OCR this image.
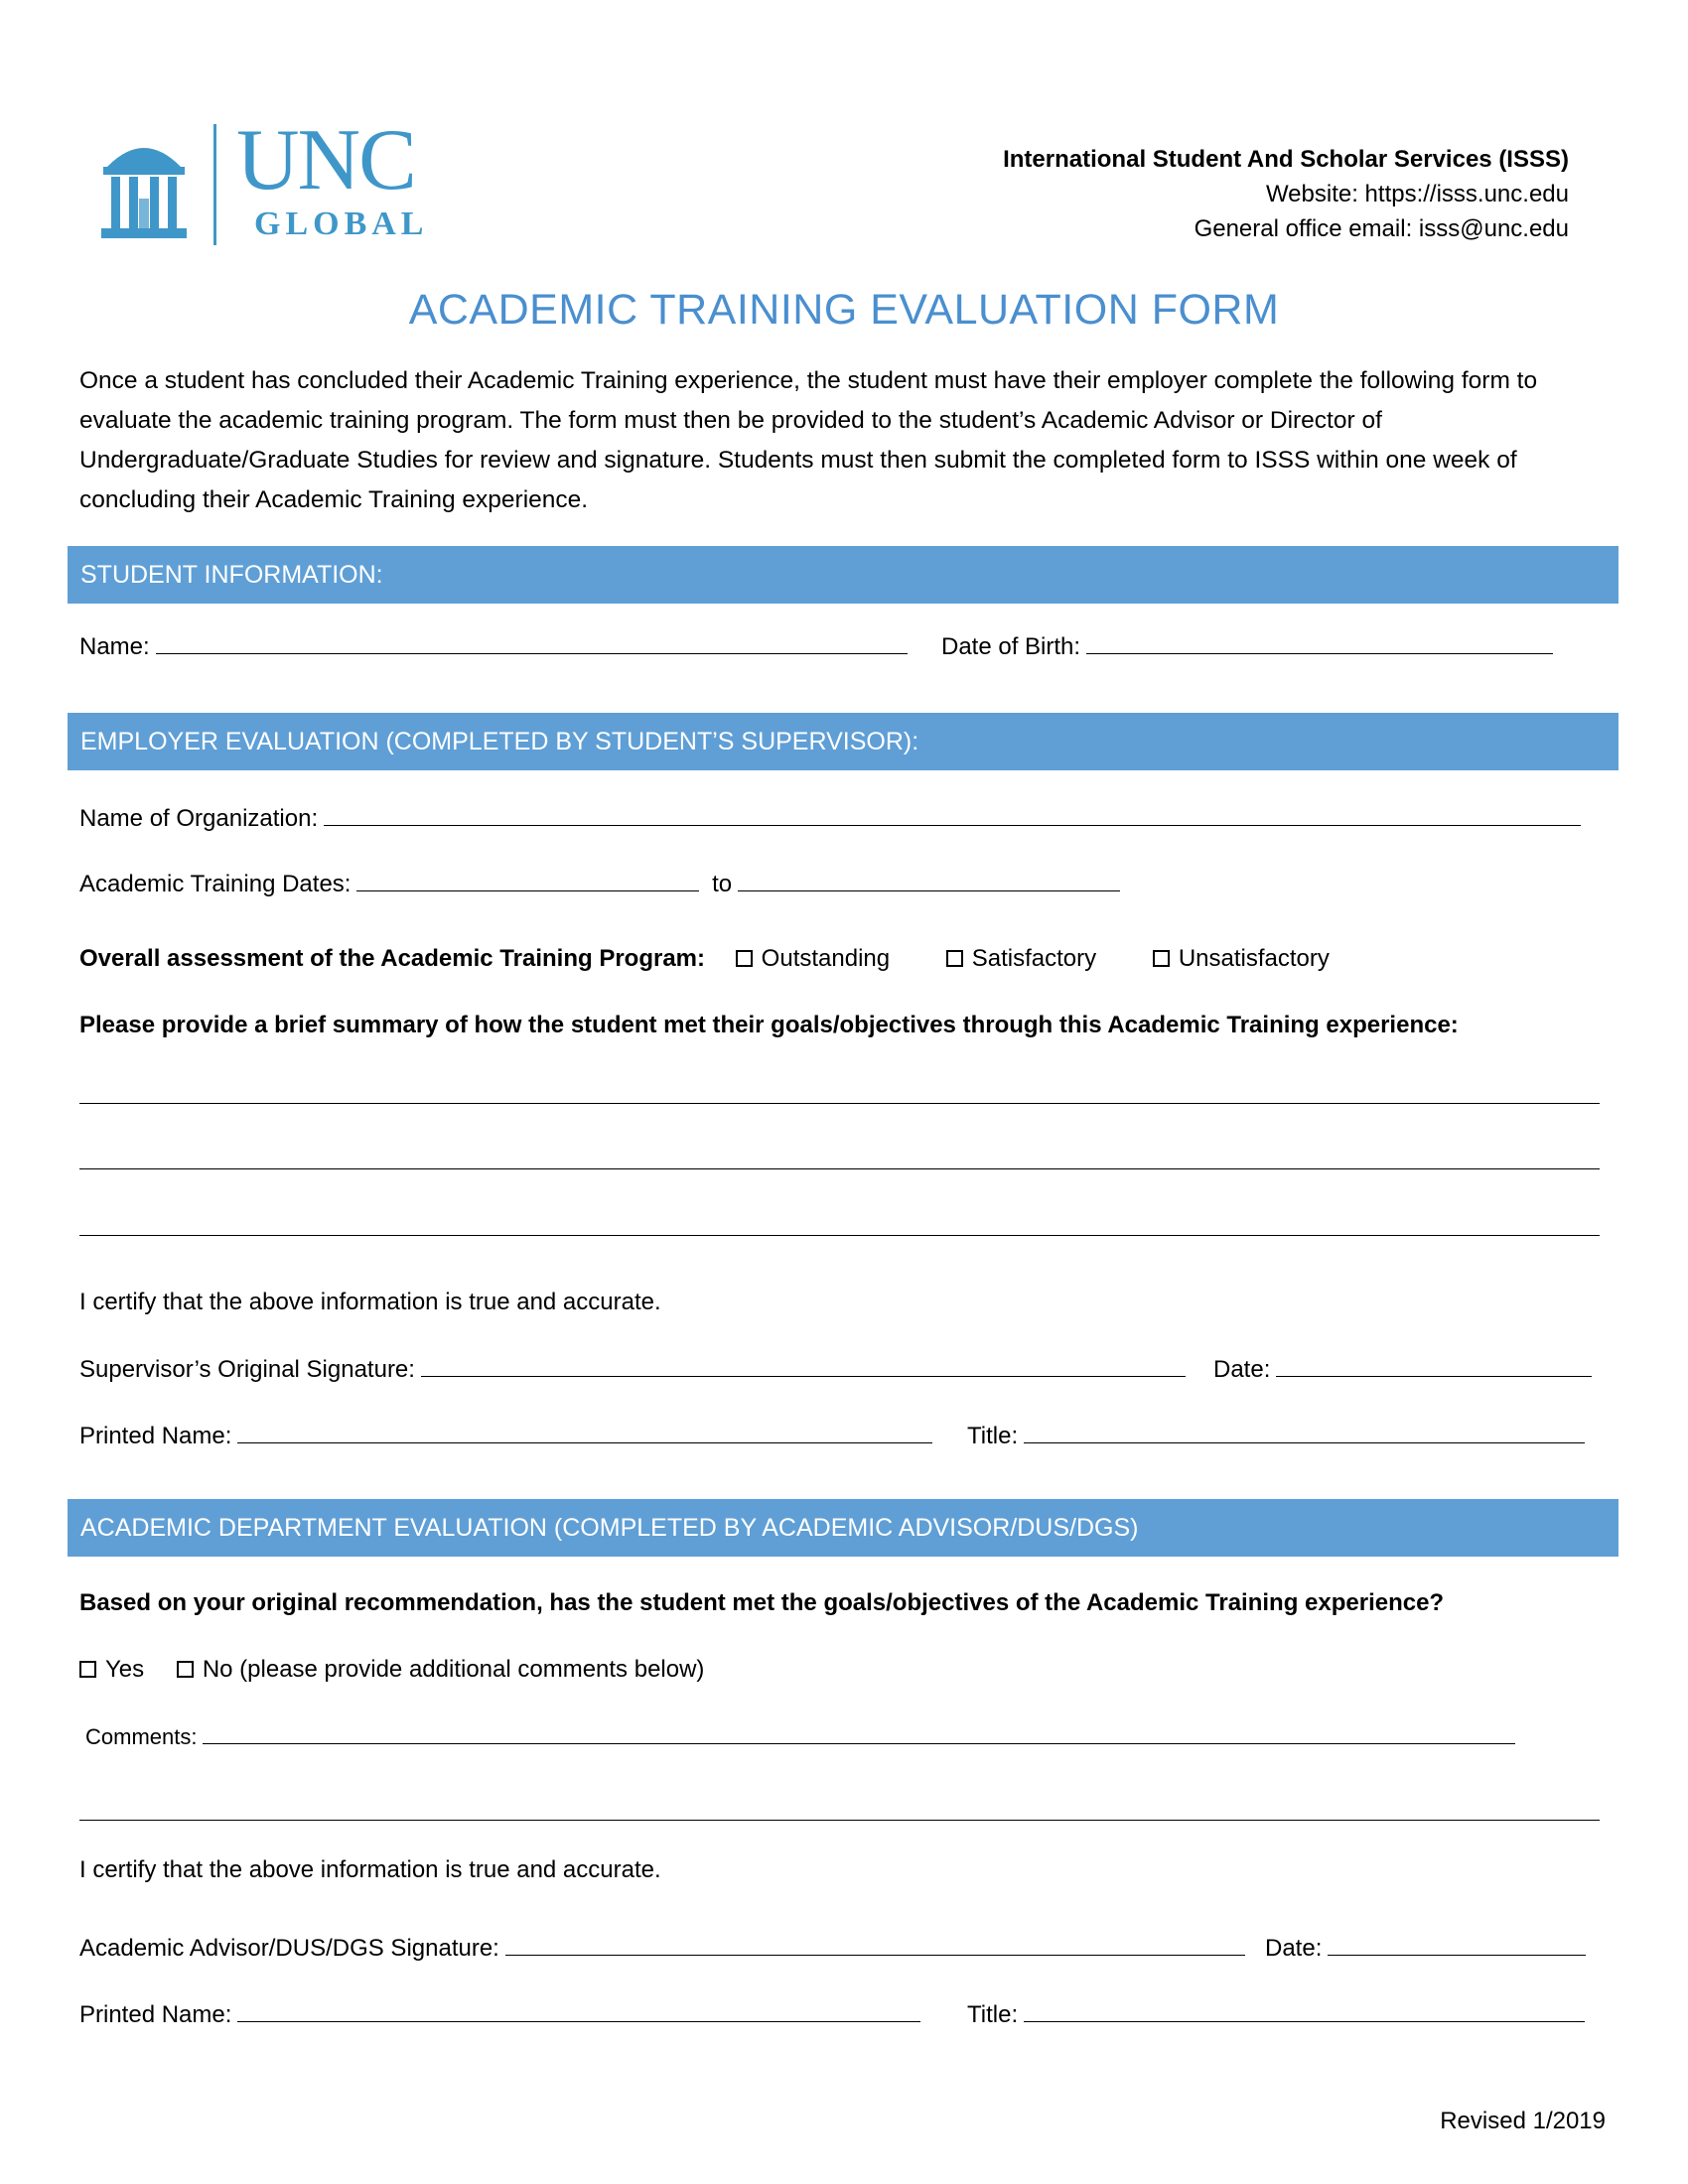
UNC
GLOBAL
International Student And Scholar Services (ISSS)
Website: https://isss.unc.edu
General office email: isss@unc.edu
ACADEMIC TRAINING EVALUATION FORM
Once a student has concluded their Academic Training experience, the student must have their employer complete the following form to evaluate the academic training program. The form must then be provided to the student’s Academic Advisor or Director of Undergraduate/Graduate Studies for review and signature. Students must then submit the completed form to ISSS within one week of concluding their Academic Training experience.
STUDENT INFORMATION:
Name:	Date of Birth:
EMPLOYER EVALUATION (COMPLETED BY STUDENT’S SUPERVISOR):
Name of Organization:
Academic Training Dates:	to
Overall assessment of the Academic Training Program: Outstanding	Satisfactory	Unsatisfactory
Please provide a brief summary of how the student met their goals/objectives through this Academic Training experience:
I certify that the above information is true and accurate.
Supervisor’s Original Signature:	Date:
Printed Name:	Title:
ACADEMIC DEPARTMENT EVALUATION (COMPLETED BY ACADEMIC ADVISOR/DUS/DGS)
Based on your original recommendation, has the student met the goals/objectives of the Academic Training experience?
Yes No (please provide additional comments below)
Comments:
I certify that the above information is true and accurate.
Academic Advisor/DUS/DGS Signature:	Date:
Printed Name:	Title:
Revised 1/2019
